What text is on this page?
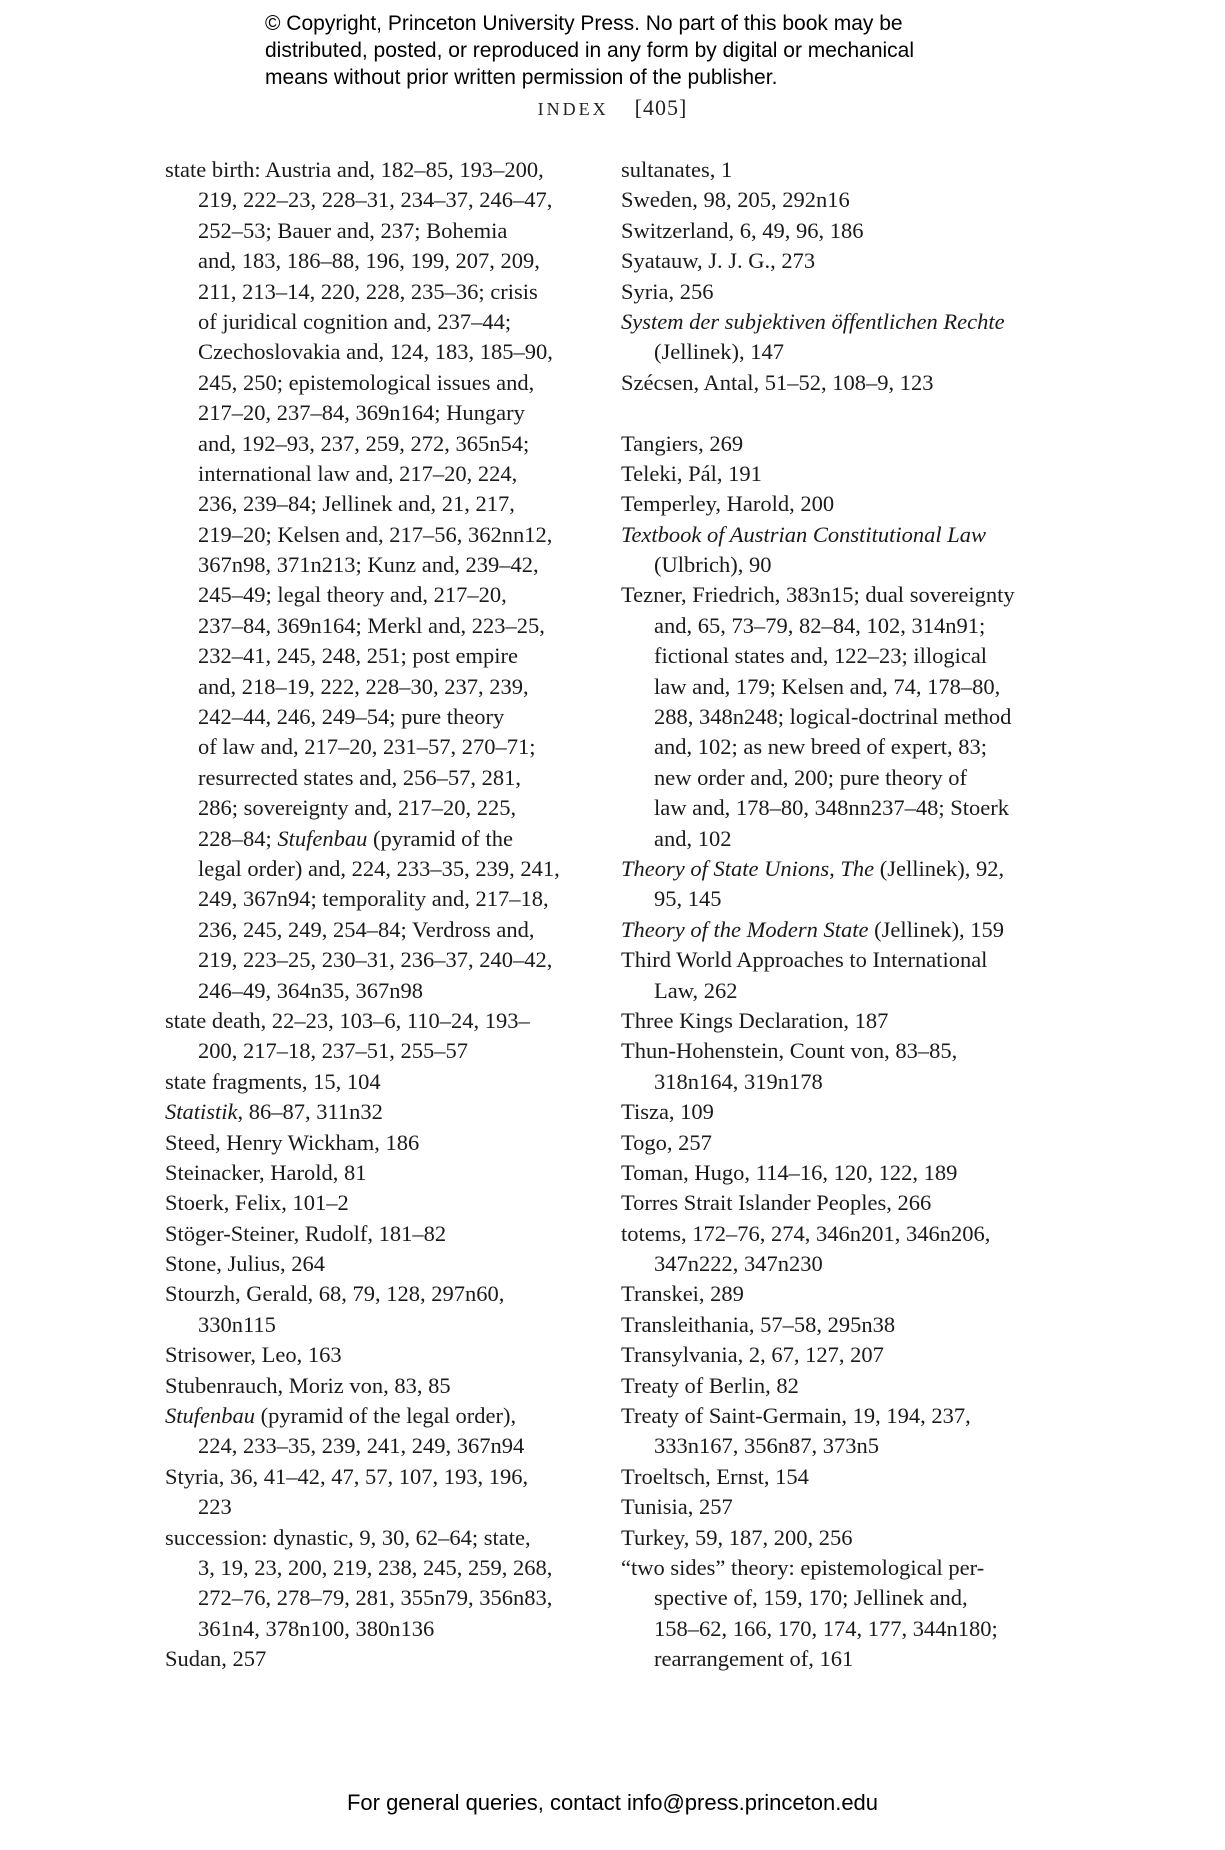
© Copyright, Princeton University Press. No part of this book may be
distributed, posted, or reproduced in any form by digital or mechanical
means without prior written permission of the publisher.
INDEX [405]
state birth: Austria and, 182–85, 193–200,
219, 222–23, 228–31, 234–37, 246–47,
252–53; Bauer and, 237; Bohemia
and, 183, 186–88, 196, 199, 207, 209,
211, 213–14, 220, 228, 235–36; crisis
of juridical cognition and, 237–44;
Czechoslovakia and, 124, 183, 185–90,
245, 250; epistemological issues and,
217–20, 237–84, 369n164; Hungary
and, 192–93, 237, 259, 272, 365n54;
international law and, 217–20, 224,
236, 239–84; Jellinek and, 21, 217,
219–20; Kelsen and, 217–56, 362nn12,
367n98, 371n213; Kunz and, 239–42,
245–49; legal theory and, 217–20,
237–84, 369n164; Merkl and, 223–25,
232–41, 245, 248, 251; post empire
and, 218–19, 222, 228–30, 237, 239,
242–44, 246, 249–54; pure theory
of law and, 217–20, 231–57, 270–71;
resurrected states and, 256–57, 281,
286; sovereignty and, 217–20, 225,
228–84; Stufenbau (pyramid of the
legal order) and, 224, 233–35, 239, 241,
249, 367n94; temporality and, 217–18,
236, 245, 249, 254–84; Verdross and,
219, 223–25, 230–31, 236–37, 240–42,
246–49, 364n35, 367n98
state death, 22–23, 103–6, 110–24, 193–
200, 217–18, 237–51, 255–57
state fragments, 15, 104
Statistik, 86–87, 311n32
Steed, Henry Wickham, 186
Steinacker, Harold, 81
Stoerk, Felix, 101–2
Stöger-Steiner, Rudolf, 181–82
Stone, Julius, 264
Stourzh, Gerald, 68, 79, 128, 297n60,
330n115
Strisower, Leo, 163
Stubenrauch, Moriz von, 83, 85
Stufenbau (pyramid of the legal order),
224, 233–35, 239, 241, 249, 367n94
Styria, 36, 41–42, 47, 57, 107, 193, 196,
223
succession: dynastic, 9, 30, 62–64; state,
3, 19, 23, 200, 219, 238, 245, 259, 268,
272–76, 278–79, 281, 355n79, 356n83,
361n4, 378n100, 380n136
Sudan, 257
sultanates, 1
Sweden, 98, 205, 292n16
Switzerland, 6, 49, 96, 186
Syatauw, J. J. G., 273
Syria, 256
System der subjektiven öffentlichen Rechte
(Jellinek), 147
Szécsen, Antal, 51–52, 108–9, 123
Tangiers, 269
Teleki, Pál, 191
Temperley, Harold, 200
Textbook of Austrian Constitutional Law
(Ulbrich), 90
Tezner, Friedrich, 383n15; dual sovereignty
and, 65, 73–79, 82–84, 102, 314n91;
fictional states and, 122–23; illogical
law and, 179; Kelsen and, 74, 178–80,
288, 348n248; logical-doctrinal method
and, 102; as new breed of expert, 83;
new order and, 200; pure theory of
law and, 178–80, 348nn237–48; Stoerk
and, 102
Theory of State Unions, The (Jellinek), 92,
95, 145
Theory of the Modern State (Jellinek), 159
Third World Approaches to International
Law, 262
Three Kings Declaration, 187
Thun-Hohenstein, Count von, 83–85,
318n164, 319n178
Tisza, 109
Togo, 257
Toman, Hugo, 114–16, 120, 122, 189
Torres Strait Islander Peoples, 266
totems, 172–76, 274, 346n201, 346n206,
347n222, 347n230
Transkei, 289
Transleithania, 57–58, 295n38
Transylvania, 2, 67, 127, 207
Treaty of Berlin, 82
Treaty of Saint-Germain, 19, 194, 237,
333n167, 356n87, 373n5
Troeltsch, Ernst, 154
Tunisia, 257
Turkey, 59, 187, 200, 256
“two sides” theory: epistemological per-
spective of, 159, 170; Jellinek and,
158–62, 166, 170, 174, 177, 344n180;
rearrangement of, 161
For general queries, contact info@press.princeton.edu
